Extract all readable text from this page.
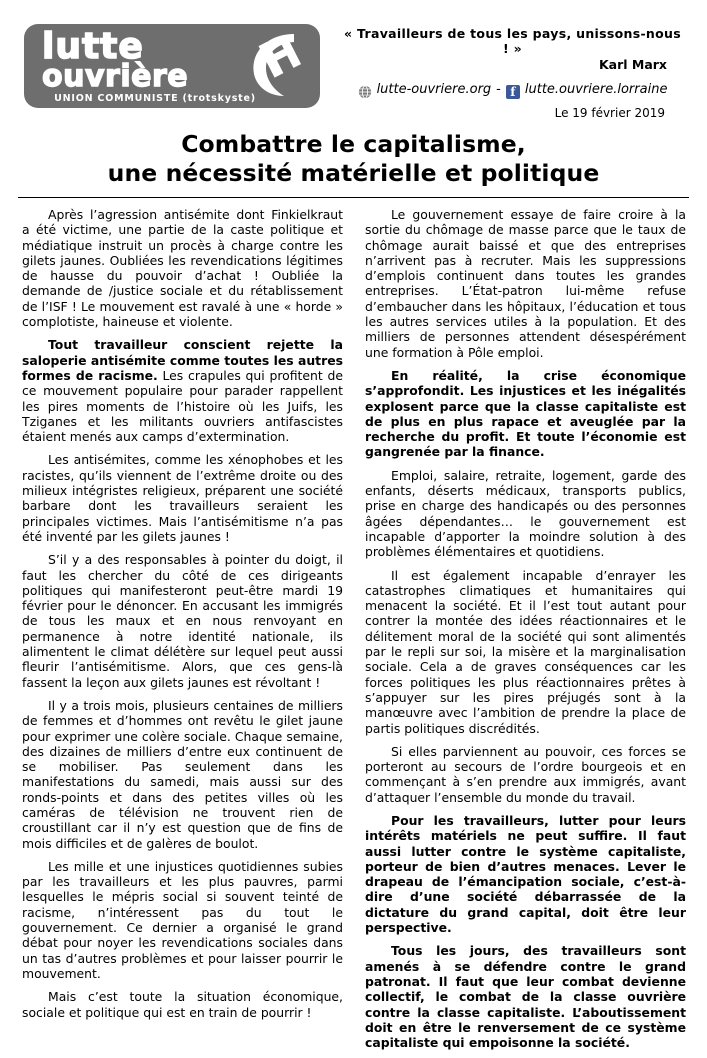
lutte
ouvrière
UNION COMMUNISTE (trotskyste)
« Travailleurs de tous les pays, unissons-nous ! »
Karl Marx
lutte-ouvriere.org - f lutte.ouvriere.lorraine
Le 19 février 2019
Combattre le capitalisme,
une nécessité matérielle et politique

Après l’agression antisémite dont Finkielkraut a été victime, une partie de la caste politique et médiatique instruit un procès à charge contre les gilets jaunes. Oubliées les revendications légitimes de hausse du pouvoir d’achat ! Oubliée la demande de /justice sociale et du rétablissement de l’ISF ! Le mouvement est ravalé à une « horde » complotiste, haineuse et violente.

Tout travailleur conscient rejette la saloperie antisémite comme toutes les autres formes de racisme. Les crapules qui profitent de ce mouvement populaire pour parader rappellent les pires moments de l’histoire où les Juifs, les Tziganes et les militants ouvriers antifascistes étaient menés aux camps d’extermination.

Les antisémites, comme les xénophobes et les racistes, qu’ils viennent de l’extrême droite ou des milieux intégristes religieux, préparent une société barbare dont les travailleurs seraient les principales victimes. Mais l’antisémitisme n’a pas été inventé par les gilets jaunes !

S’il y a des responsables à pointer du doigt, il faut les chercher du côté de ces dirigeants politiques qui manifesteront peut-être mardi 19 février pour le dénoncer. En accusant les immigrés de tous les maux et en nous renvoyant en permanence à notre identité nationale, ils alimentent le climat délétère sur lequel peut aussi fleurir l’antisémitisme. Alors, que ces gens-là fassent la leçon aux gilets jaunes est révoltant !

Il y a trois mois, plusieurs centaines de milliers de femmes et d’hommes ont revêtu le gilet jaune pour exprimer une colère sociale. Chaque semaine, des dizaines de milliers d’entre eux continuent de se mobiliser. Pas seulement dans les manifestations du samedi, mais aussi sur des ronds-points et dans des petites villes où les caméras de télévision ne trouvent rien de croustillant car il n’y est question que de fins de mois difficiles et de galères de boulot.

Les mille et une injustices quotidiennes subies par les travailleurs et les plus pauvres, parmi lesquelles le mépris social si souvent teinté de racisme, n’intéressent pas du tout le gouvernement. Ce dernier a organisé le grand débat pour noyer les revendications sociales dans un tas d’autres problèmes et pour laisser pourrir le mouvement.

Mais c’est toute la situation économique, sociale et politique qui est en train de pourrir !

Le gouvernement essaye de faire croire à la sortie du chômage de masse parce que le taux de chômage aurait baissé et que des entreprises n’arrivent pas à recruter. Mais les suppressions d’emplois continuent dans toutes les grandes entreprises. L’État-patron lui-même refuse d’embaucher dans les hôpitaux, l’éducation et tous les autres services utiles à la population. Et des milliers de personnes attendent désespérément une formation à Pôle emploi.

En réalité, la crise économique s’approfondit. Les injustices et les inégalités explosent parce que la classe capitaliste est de plus en plus rapace et aveuglée par la recherche du profit. Et toute l’économie est gangrenée par la finance.

Emploi, salaire, retraite, logement, garde des enfants, déserts médicaux, transports publics, prise en charge des handicapés ou des personnes âgées dépendantes… le gouvernement est incapable d’apporter la moindre solution à des problèmes élémentaires et quotidiens.

Il est également incapable d’enrayer les catastrophes climatiques et humanitaires qui menacent la société. Et il l’est tout autant pour contrer la montée des idées réactionnaires et le délitement moral de la société qui sont alimentés par le repli sur soi, la misère et la marginalisation sociale. Cela a de graves conséquences car les forces politiques les plus réactionnaires prêtes à s’appuyer sur les pires préjugés sont à la manœuvre avec l’ambition de prendre la place de partis politiques discrédités.

Si elles parviennent au pouvoir, ces forces se porteront au secours de l’ordre bourgeois et en commençant à s’en prendre aux immigrés, avant d’attaquer l’ensemble du monde du travail.

Pour les travailleurs, lutter pour leurs intérêts matériels ne peut suffire. Il faut aussi lutter contre le système capitaliste, porteur de bien d’autres menaces. Lever le drapeau de l’émancipation sociale, c’est-à-dire d’une société débarrassée de la dictature du grand capital, doit être leur perspective.

Tous les jours, des travailleurs sont amenés à se défendre contre le grand patronat. Il faut que leur combat devienne collectif, le combat de la classe ouvrière contre la classe capitaliste. L’aboutissement doit en être le renversement de ce système capitaliste qui empoisonne la société.
